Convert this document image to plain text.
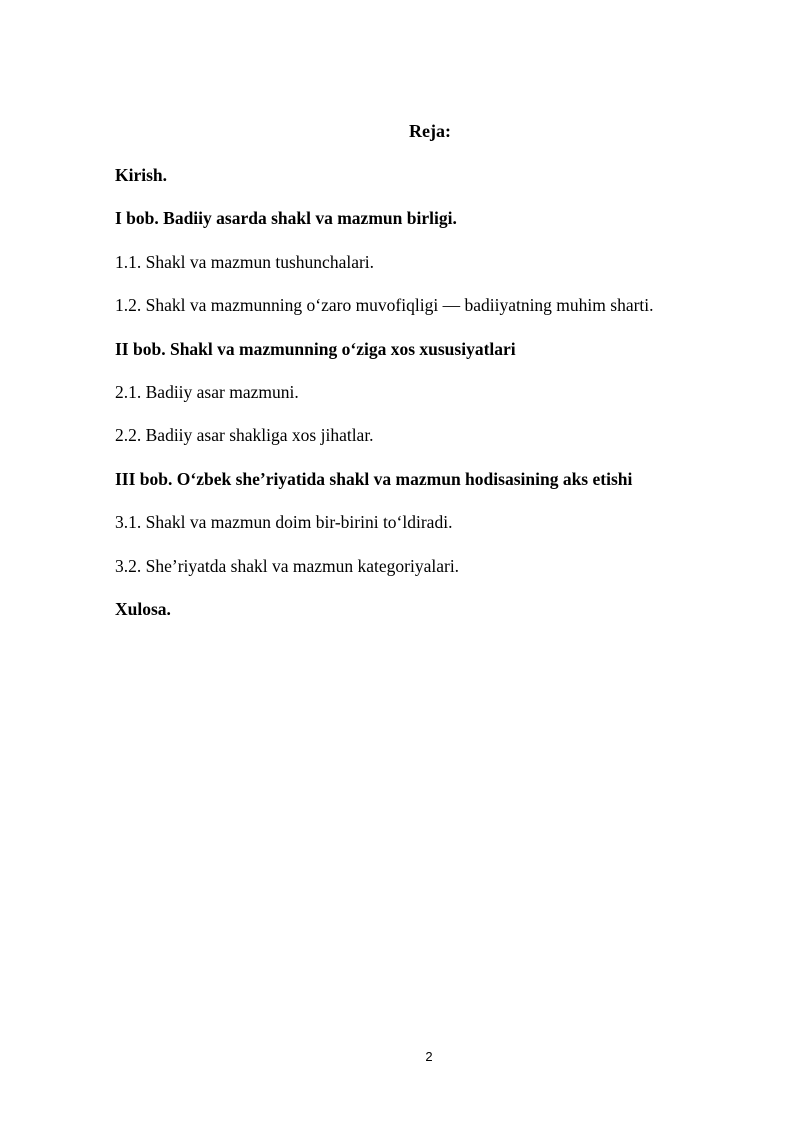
Reja:
Kirish.
I bob. Badiiy asarda shakl va mazmun birligi.
1.1. Shakl va mazmun tushunchalari.
1.2. Shakl va mazmunning o‘zaro muvofiqligi — badiiyatning muhim sharti.
II bob. Shakl va mazmunning o‘ziga xos xususiyatlari
2.1. Badiiy asar mazmuni.
2.2. Badiiy asar shakliga xos jihatlar.
III bob. O‘zbek she’riyatida shakl va mazmun hodisasining aks etishi
3.1. Shakl va mazmun doim bir-birini to‘ldiradi.
3.2. She’riyatda shakl va mazmun kategoriyalari.
Xulosa.
2
